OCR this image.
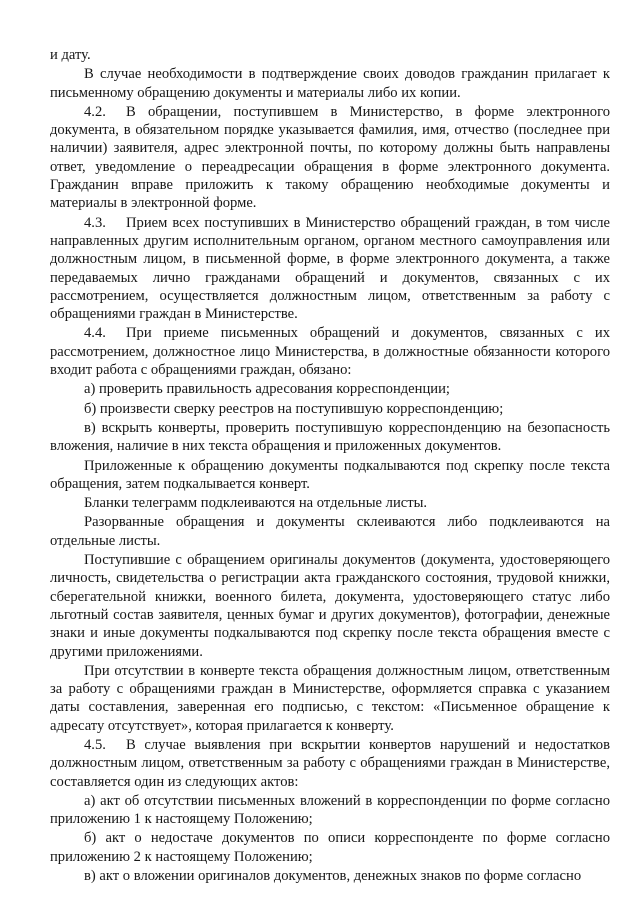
и дату.

В случае необходимости в подтверждение своих доводов гражданин прилагает к письменному обращению документы и материалы либо их копии.

4.2. В обращении, поступившем в Министерство, в форме электронного документа, в обязательном порядке указывается фамилия, имя, отчество (последнее при наличии) заявителя, адрес электронной почты, по которому должны быть направлены ответ, уведомление о переадресации обращения в форме электронного документа. Гражданин вправе приложить к такому обращению необходимые документы и материалы в электронной форме.

4.3. Прием всех поступивших в Министерство обращений граждан, в том числе направленных другим исполнительным органом, органом местного самоуправления или должностным лицом, в письменной форме, в форме электронного документа, а также передаваемых лично гражданами обращений и документов, связанных с их рассмотрением, осуществляется должностным лицом, ответственным за работу с обращениями граждан в Министерстве.

4.4. При приеме письменных обращений и документов, связанных с их рассмотрением, должностное лицо Министерства, в должностные обязанности которого входит работа с обращениями граждан, обязано:

а) проверить правильность адресования корреспонденции;

б) произвести сверку реестров на поступившую корреспонденцию;

в) вскрыть конверты, проверить поступившую корреспонденцию на безопасность вложения, наличие в них текста обращения и приложенных документов.

Приложенные к обращению документы подкалываются под скрепку после текста обращения, затем подкалывается конверт.

Бланки телеграмм подклеиваются на отдельные листы.

Разорванные обращения и документы склеиваются либо подклеиваются на отдельные листы.

Поступившие с обращением оригиналы документов (документа, удостоверяющего личность, свидетельства о регистрации акта гражданского состояния, трудовой книжки, сберегательной книжки, военного билета, документа, удостоверяющего статус либо льготный состав заявителя, ценных бумаг и других документов), фотографии, денежные знаки и иные документы подкалываются под скрепку после текста обращения вместе с другими приложениями.

При отсутствии в конверте текста обращения должностным лицом, ответственным за работу с обращениями граждан в Министерстве, оформляется справка с указанием даты составления, заверенная его подписью, с текстом: «Письменное обращение к адресату отсутствует», которая прилагается к конверту.

4.5. В случае выявления при вскрытии конвертов нарушений и недостатков должностным лицом, ответственным за работу с обращениями граждан в Министерстве, составляется один из следующих актов:

а) акт об отсутствии письменных вложений в корреспонденции по форме согласно приложению 1 к настоящему Положению;

б) акт о недостаче документов по описи корреспонденте по форме согласно приложению 2 к настоящему Положению;

в) акт о вложении оригиналов документов, денежных знаков по форме согласно
